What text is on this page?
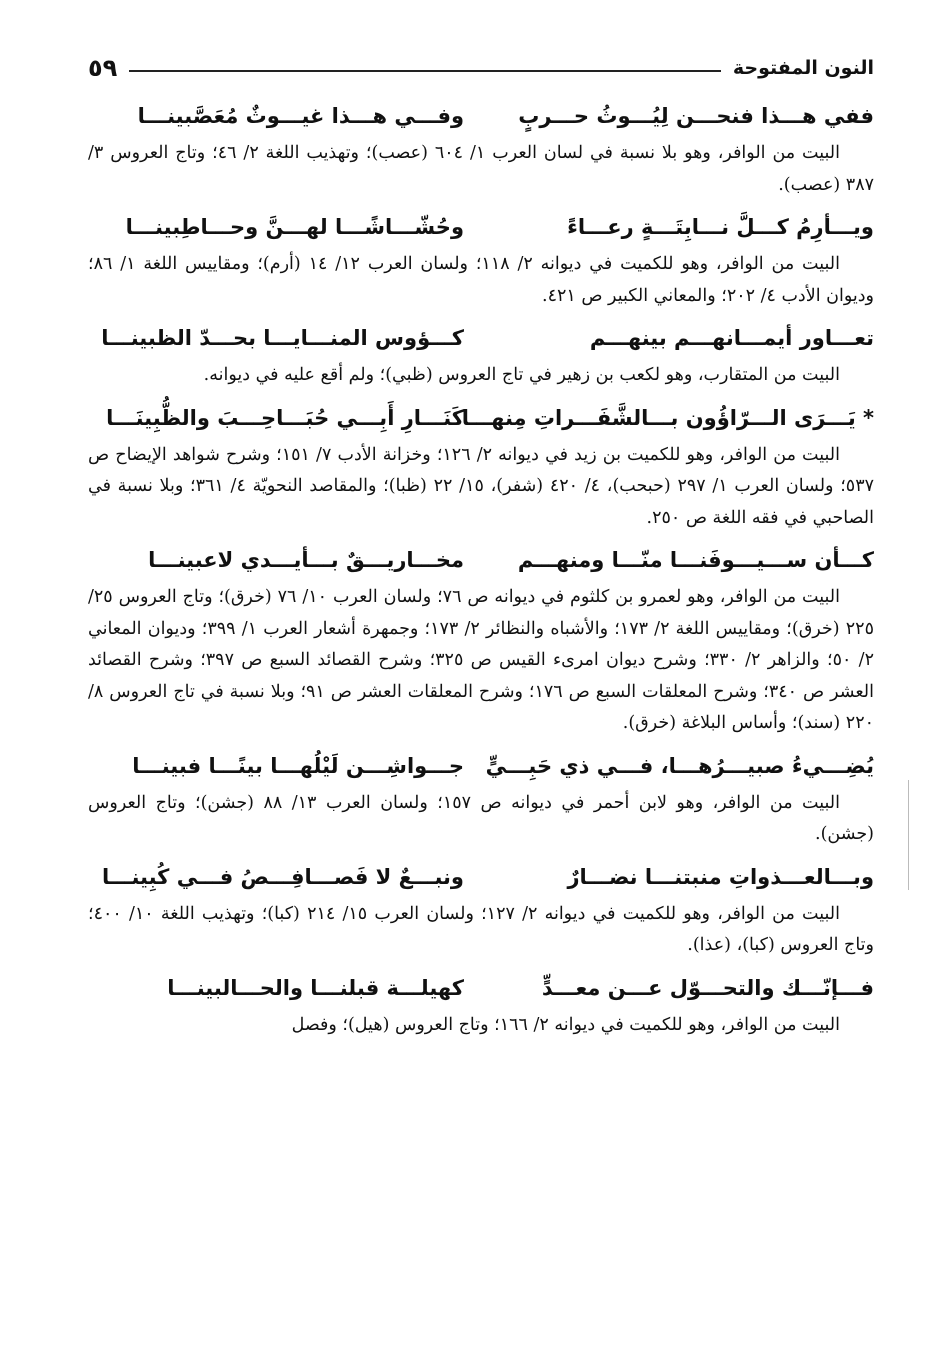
النون المفتوحة
٥٩
ففي هـــذا فنحـــن لِيُـــوثُ حـــربٍ
وفـــي هـــذا غيـــوثٌ مُعَصَّبينـــا

البيت من الوافر، وهو بلا نسبة في لسان العرب ١/ ٦٠٤ (عصب)؛ وتهذيب اللغة ٢/ ٤٦؛ وتاج العروس ٣/ ٣٨٧ (عصب).

ويـــأرِمُ كـــلَّ نـــابِتَـــةٍ رعـــاءً
وحُشّـــاشًـــا لهـــنَّ وحـــاطِبينـــا

البيت من الوافر، وهو للكميت في ديوانه ٢/ ١١٨؛ ولسان العرب ١٢/ ١٤ (أرم)؛ ومقاييس اللغة ١/ ٨٦؛ وديوان الأدب ٤/ ٢٠٢؛ والمعاني الكبير ص ٤٢١.

تعـــاور أيمـــانهـــم بينهـــم
كـــؤوس المنـــايـــا بحـــدّ الظبينـــا

البيت من المتقارب، وهو لكعب بن زهير في تاج العروس (ظبي)؛ ولم أقع عليه في ديوانه.

* يَـــرَى الـــرّاؤُون بـــالشَّفَـــراتِ مِنهـــا
كَنَـــارِ أَبِـــي حُبَـــاحِـــبَ والظُّبِينَـــا

البيت من الوافر، وهو للكميت بن زيد في ديوانه ٢/ ١٢٦؛ وخزانة الأدب ٧/ ١٥١؛ وشرح شواهد الإيضاح ص ٥٣٧؛ ولسان العرب ١/ ٢٩٧ (حبحب)، ٤/ ٤٢٠ (شفر)، ١٥/ ٢٢ (ظبا)؛ والمقاصد النحويّة ٤/ ٣٦١؛ وبلا نسبة في الصاحبي في فقه اللغة ص ٢٥٠.

كـــأن ســـيـــوفَنـــا منّـــا ومنهـــم
مخـــاريـــقٌ بـــأيـــدي لاعبينـــا

البيت من الوافر، وهو لعمرو بن كلثوم في ديوانه ص ٧٦؛ ولسان العرب ١٠/ ٧٦ (خرق)؛ وتاج العروس ٢٥/ ٢٢٥ (خرق)؛ ومقاييس اللغة ٢/ ١٧٣؛ والأشباه والنظائر ٢/ ١٧٣؛ وجمهرة أشعار العرب ١/ ٣٩٩؛ وديوان المعاني ٢/ ٥٠؛ والزاهر ٢/ ٣٣٠؛ وشرح ديوان امرىء القيس ص ٣٢٥؛ وشرح القصائد السبع ص ٣٩٧؛ وشرح القصائد العشر ص ٣٤٠؛ وشرح المعلقات السبع ص ١٧٦؛ وشرح المعلقات العشر ص ٩١؛ وبلا نسبة في تاج العروس ٨/ ٢٢٠ (سند)؛ وأساس البلاغة (خرق).

يُضِـــيءُ صبيـــرُهـــا، فـــي ذي حَبِـــيٍّ
جـــواشِـــن لَيْلُهـــا بينًـــا فبينـــا

البيت من الوافر، وهو لابن أحمر في ديوانه ص ١٥٧؛ ولسان العرب ١٣/ ٨٨ (جشن)؛ وتاج العروس (جشن).

وبـــالعـــذواتِ منبتنـــا نضـــارٌ
ونبـــعٌ لا فَصـــافِـــصُ فـــي كُبِينـــا

البيت من الوافر، وهو للكميت في ديوانه ٢/ ١٢٧؛ ولسان العرب ١٥/ ٢١٤ (كبا)؛ وتهذيب اللغة ١٠/ ٤٠٠؛ وتاج العروس (كبا)، (عذا).

فـــإنّـــك والتحـــوّل عـــن معـــدٍّ
كهيلـــة قبلنـــا والحـــالبينـــا

البيت من الوافر، وهو للكميت في ديوانه ٢/ ١٦٦؛ وتاج العروس (هيل)؛ وفصل
